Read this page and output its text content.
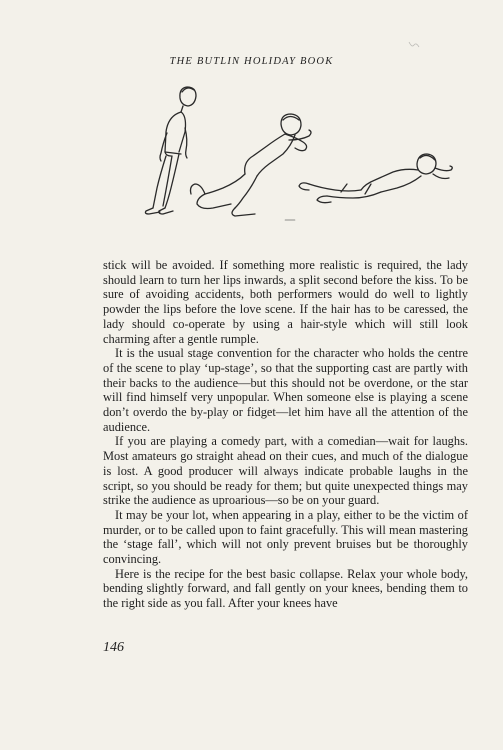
THE BUTLIN HOLIDAY BOOK

stick will be avoided. If something more realistic is required, the lady should learn to turn her lips inwards, a split second before the kiss. To be sure of avoiding accidents, both performers would do well to lightly powder the lips before the love scene. If the hair has to be caressed, the lady should co-operate by using a hair-style which will still look charming after a gentle rumple.

It is the usual stage convention for the character who holds the centre of the scene to play ‘up-stage’, so that the supporting cast are partly with their backs to the audience—but this should not be overdone, or the star will find himself very unpopular. When someone else is playing a scene don’t overdo the by-play or fidget—let him have all the attention of the audience.

If you are playing a comedy part, with a comedian—wait for laughs. Most amateurs go straight ahead on their cues, and much of the dialogue is lost. A good producer will always indicate probable laughs in the script, so you should be ready for them; but quite unexpected things may strike the audience as uproarious—so be on your guard.

It may be your lot, when appearing in a play, either to be the victim of murder, or to be called upon to faint gracefully. This will mean mastering the ‘stage fall’, which will not only prevent bruises but be thoroughly convincing.

Here is the recipe for the best basic collapse. Relax your whole body, bending slightly forward, and fall gently on your knees, bending them to the right side as you fall. After your knees have

146
